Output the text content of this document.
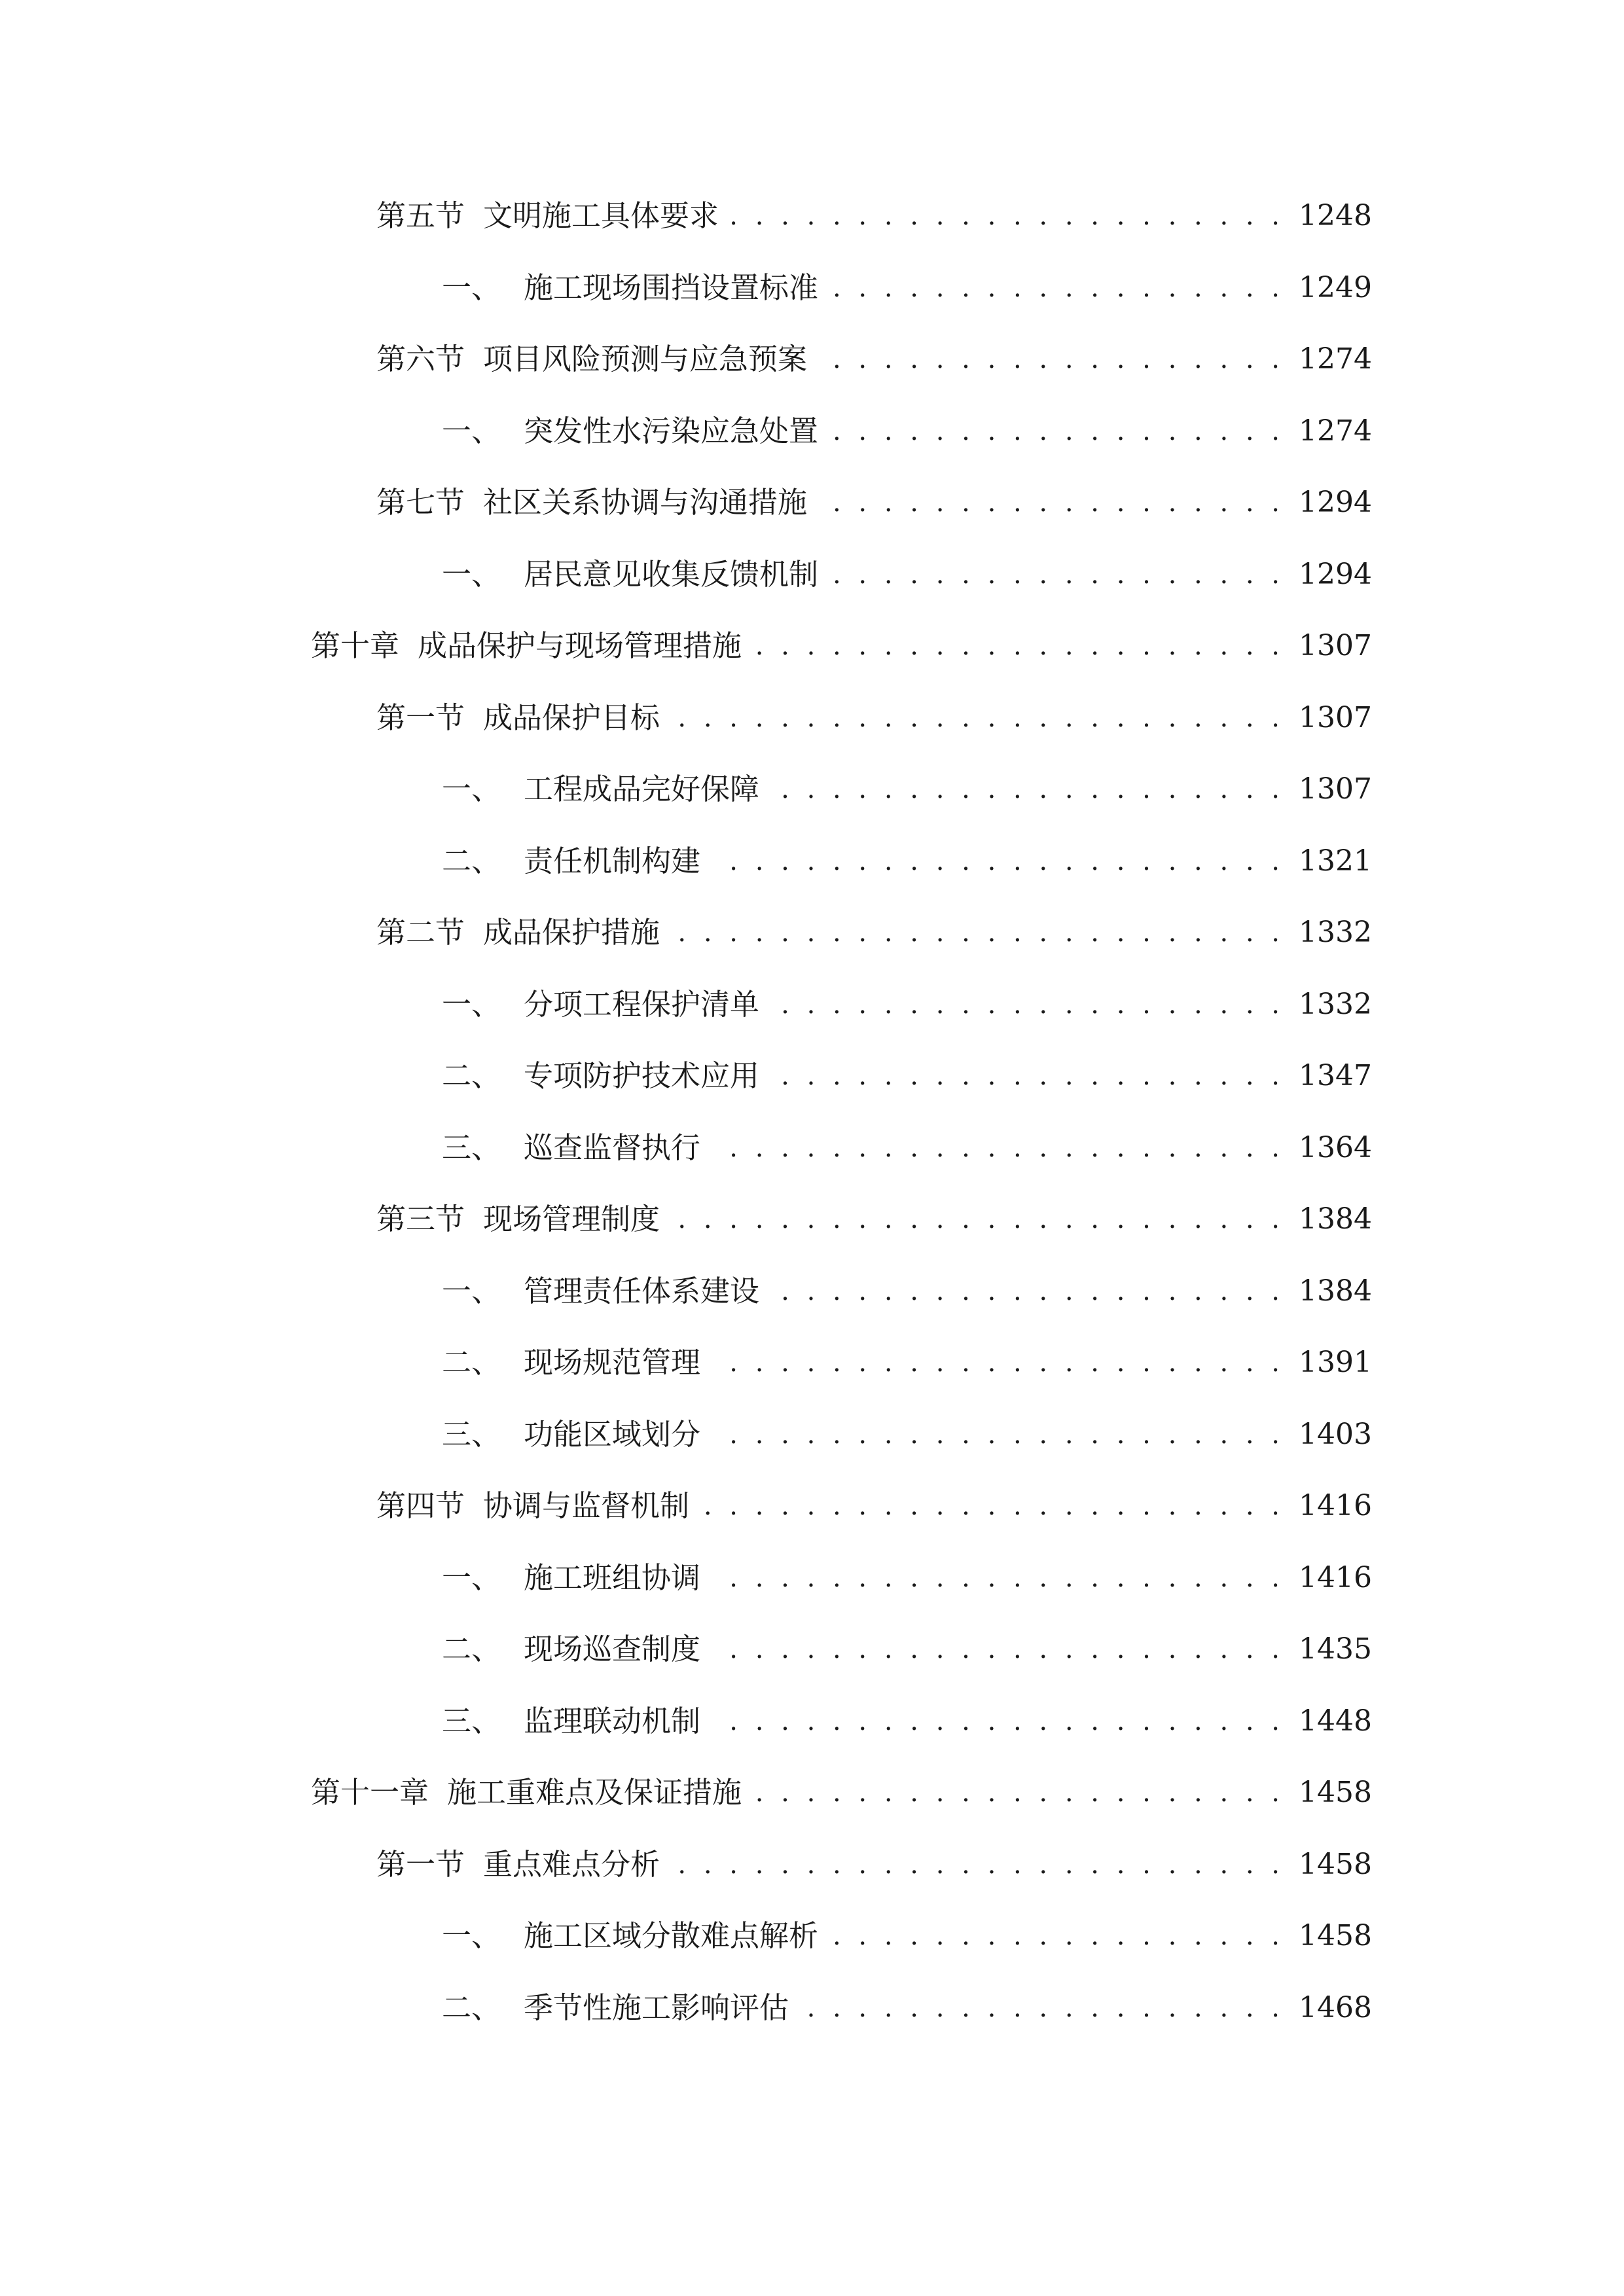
第五节 文明施工具体要求 . . .	1248
一、 施工现场围挡设置标准 . . .	1249
第六节 项目风险预测与应急预案 . . .	1274
一、 突发性水污染应急处置 . . .	1274
第七节 社区关系协调与沟通措施 . . .	1294
一、 居民意见收集反馈机制 . . .	1294
第十章 成品保护与现场管理措施 . . .	1307
第一节 成品保护目标 . . .	1307
一、 工程成品完好保障 . . .	1307
二、 责任机制构建 . . .	1321
第二节 成品保护措施 . . .	1332
一、 分项工程保护清单 . . .	1332
二、 专项防护技术应用 . . .	1347
三、 巡查监督执行 . . .	1364
第三节 现场管理制度 . . .	1384
一、 管理责任体系建设 . . .	1384
二、 现场规范管理 . . .	1391
三、 功能区域划分 . . .	1403
第四节 协调与监督机制 . . .	1416
一、 施工班组协调 . . .	1416
二、 现场巡查制度 . . .	1435
三、 监理联动机制 . . .	1448
第十一章 施工重难点及保证措施 . . .	1458
第一节 重点难点分析 . . .	1458
一、 施工区域分散难点解析 . . .	1458
二、 季节性施工影响评估 . . .	1468
